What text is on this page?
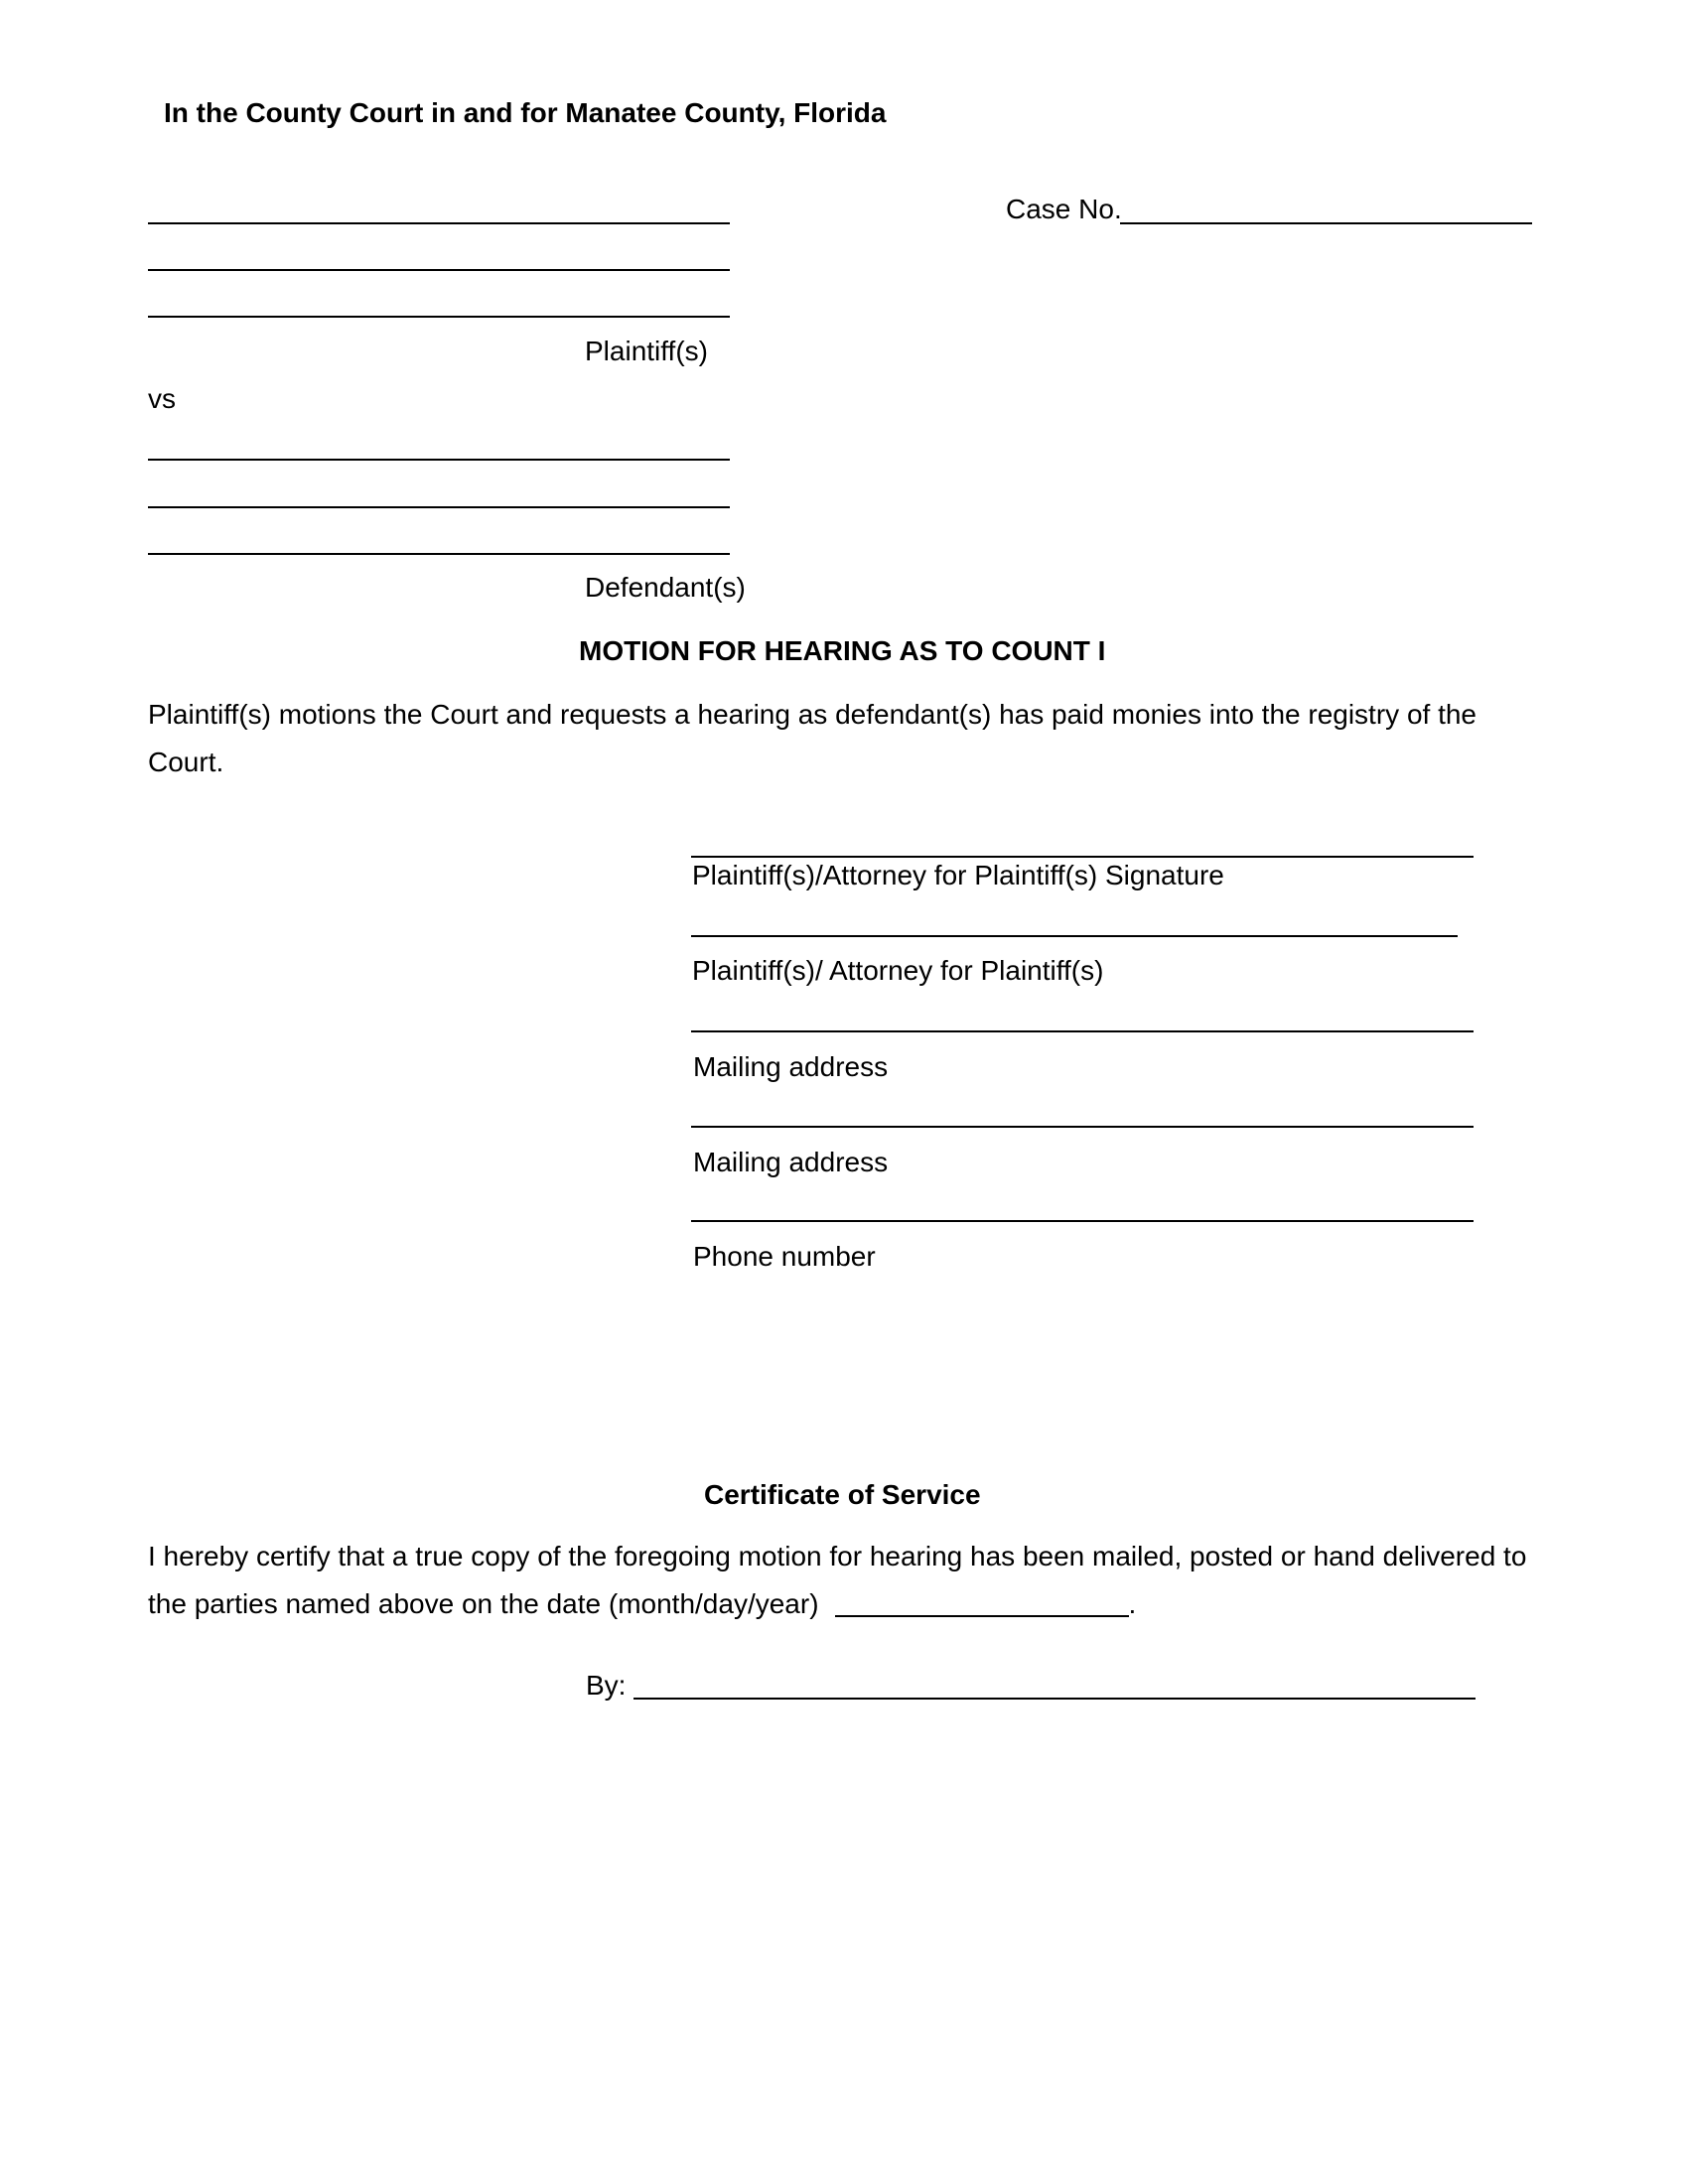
In the County Court in and for Manatee County, Florida
Case No.
Plaintiff(s)
vs
Defendant(s)
MOTION FOR HEARING AS TO COUNT I
Plaintiff(s) motions the Court and requests a hearing as defendant(s) has paid monies into the registry of the
Court.
Plaintiff(s)/Attorney for Plaintiff(s) Signature
Plaintiff(s)/ Attorney for Plaintiff(s)
Mailing address
Mailing address
Phone number
Certificate of Service
I hereby certify that a true copy of the foregoing motion for hearing has been mailed, posted or hand delivered to
the parties named above on the date (month/day/year)	.
By:
